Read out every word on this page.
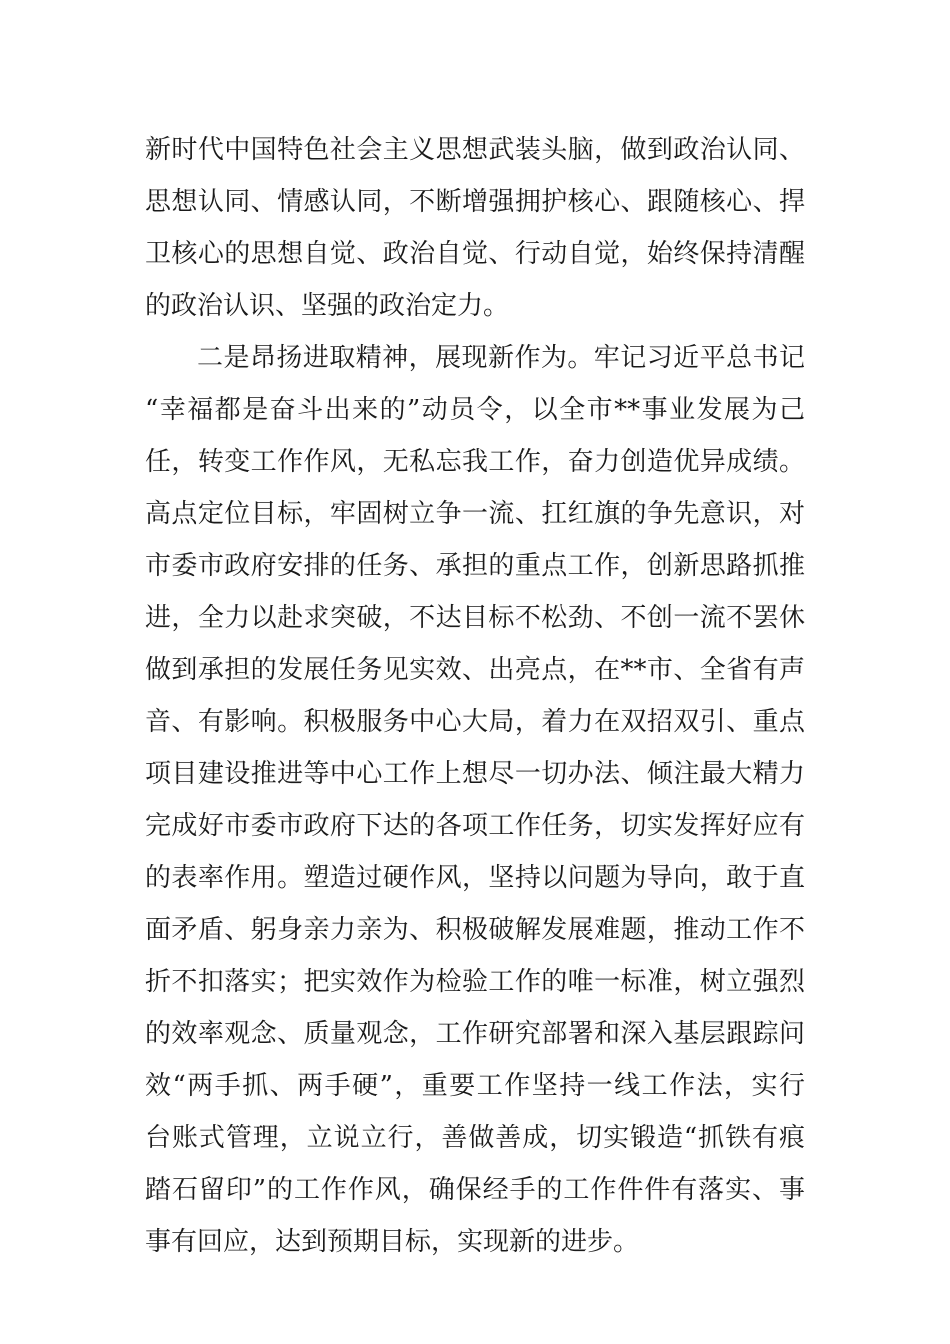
新时代中国特色社会主义思想武装头脑，做到政治认同、
思想认同、情感认同，不断增强拥护核心、跟随核心、捍
卫核心的思想自觉、政治自觉、行动自觉，始终保持清醒
的政治认识、坚强的政治定力。
二是昂扬进取精神，展现新作为。牢记习近平总书记
“幸福都是奋斗出来的”动员令，以全市**事业发展为己
任，转变工作作风，无私忘我工作，奋力创造优异成绩。
高点定位目标，牢固树立争一流、扛红旗的争先意识，对
市委市政府安排的任务、承担的重点工作，创新思路抓推
进，全力以赴求突破，不达目标不松劲、不创一流不罢休
做到承担的发展任务见实效、出亮点，在**市、全省有声
音、有影响。积极服务中心大局，着力在双招双引、重点
项目建设推进等中心工作上想尽一切办法、倾注最大精力
完成好市委市政府下达的各项工作任务，切实发挥好应有
的表率作用。塑造过硬作风，坚持以问题为导向，敢于直
面矛盾、躬身亲力亲为、积极破解发展难题，推动工作不
折不扣落实；把实效作为检验工作的唯一标准，树立强烈
的效率观念、质量观念，工作研究部署和深入基层跟踪问
效“两手抓、两手硬”，重要工作坚持一线工作法，实行
台账式管理，立说立行，善做善成，切实锻造“抓铁有痕
踏石留印”的工作作风，确保经手的工作件件有落实、事
事有回应，达到预期目标，实现新的进步。
